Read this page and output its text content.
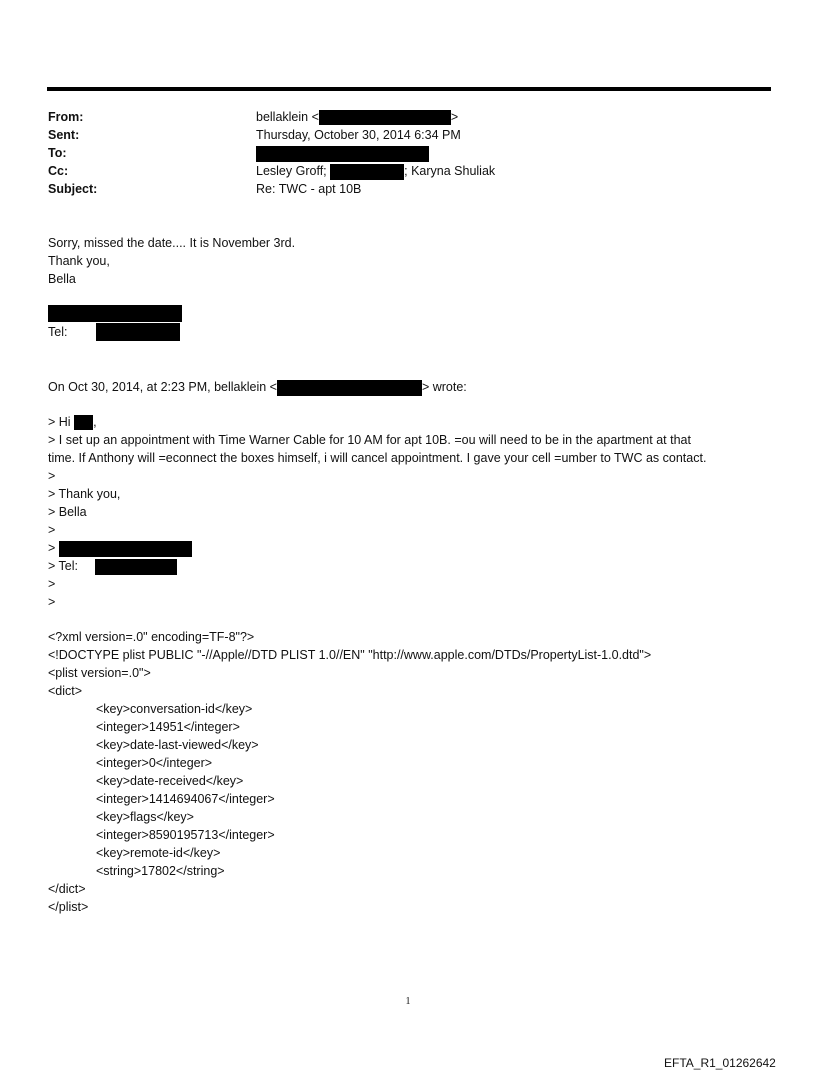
From:	bellaklein <	>
Sent:	Thursday, October 30, 2014 6:34 PM
To:
Cc:	Lesley Groff;	; Karyna Shuliak
Subject:	Re: TWC - apt 10B

Sorry, missed the date.... It is November 3rd.

Thank you,

Bella

Tel:
On Oct 30, 2014, at 2:23 PM, bellaklein <	> wrote:

> Hi ,

> I set up an appointment with Time Warner Cable for 10 AM for apt 10B. =ou will need to be in the apartment at that

time. If Anthony will =econnect the boxes himself, i will cancel appointment. I gave your cell =umber to TWC as contact.

>

> Thank you,

> Bella

>

>

> Tel:

>

>

<?xml version=.0" encoding=TF-8"?>

<!DOCTYPE plist PUBLIC "-//Apple//DTD PLIST 1.0//EN" "http://www.apple.com/DTDs/PropertyList-1.0.dtd">

<plist version=.0">

<dict>

<key>conversation-id</key>

<integer>14951</integer>

<key>date-last-viewed</key>

<integer>0</integer>

<key>date-received</key>

<integer>1414694067</integer>

<key>flags</key>

<integer>8590195713</integer>

<key>remote-id</key>

<string>17802</string>

</dict>

</plist>

1
EFTA_R1_01262642
